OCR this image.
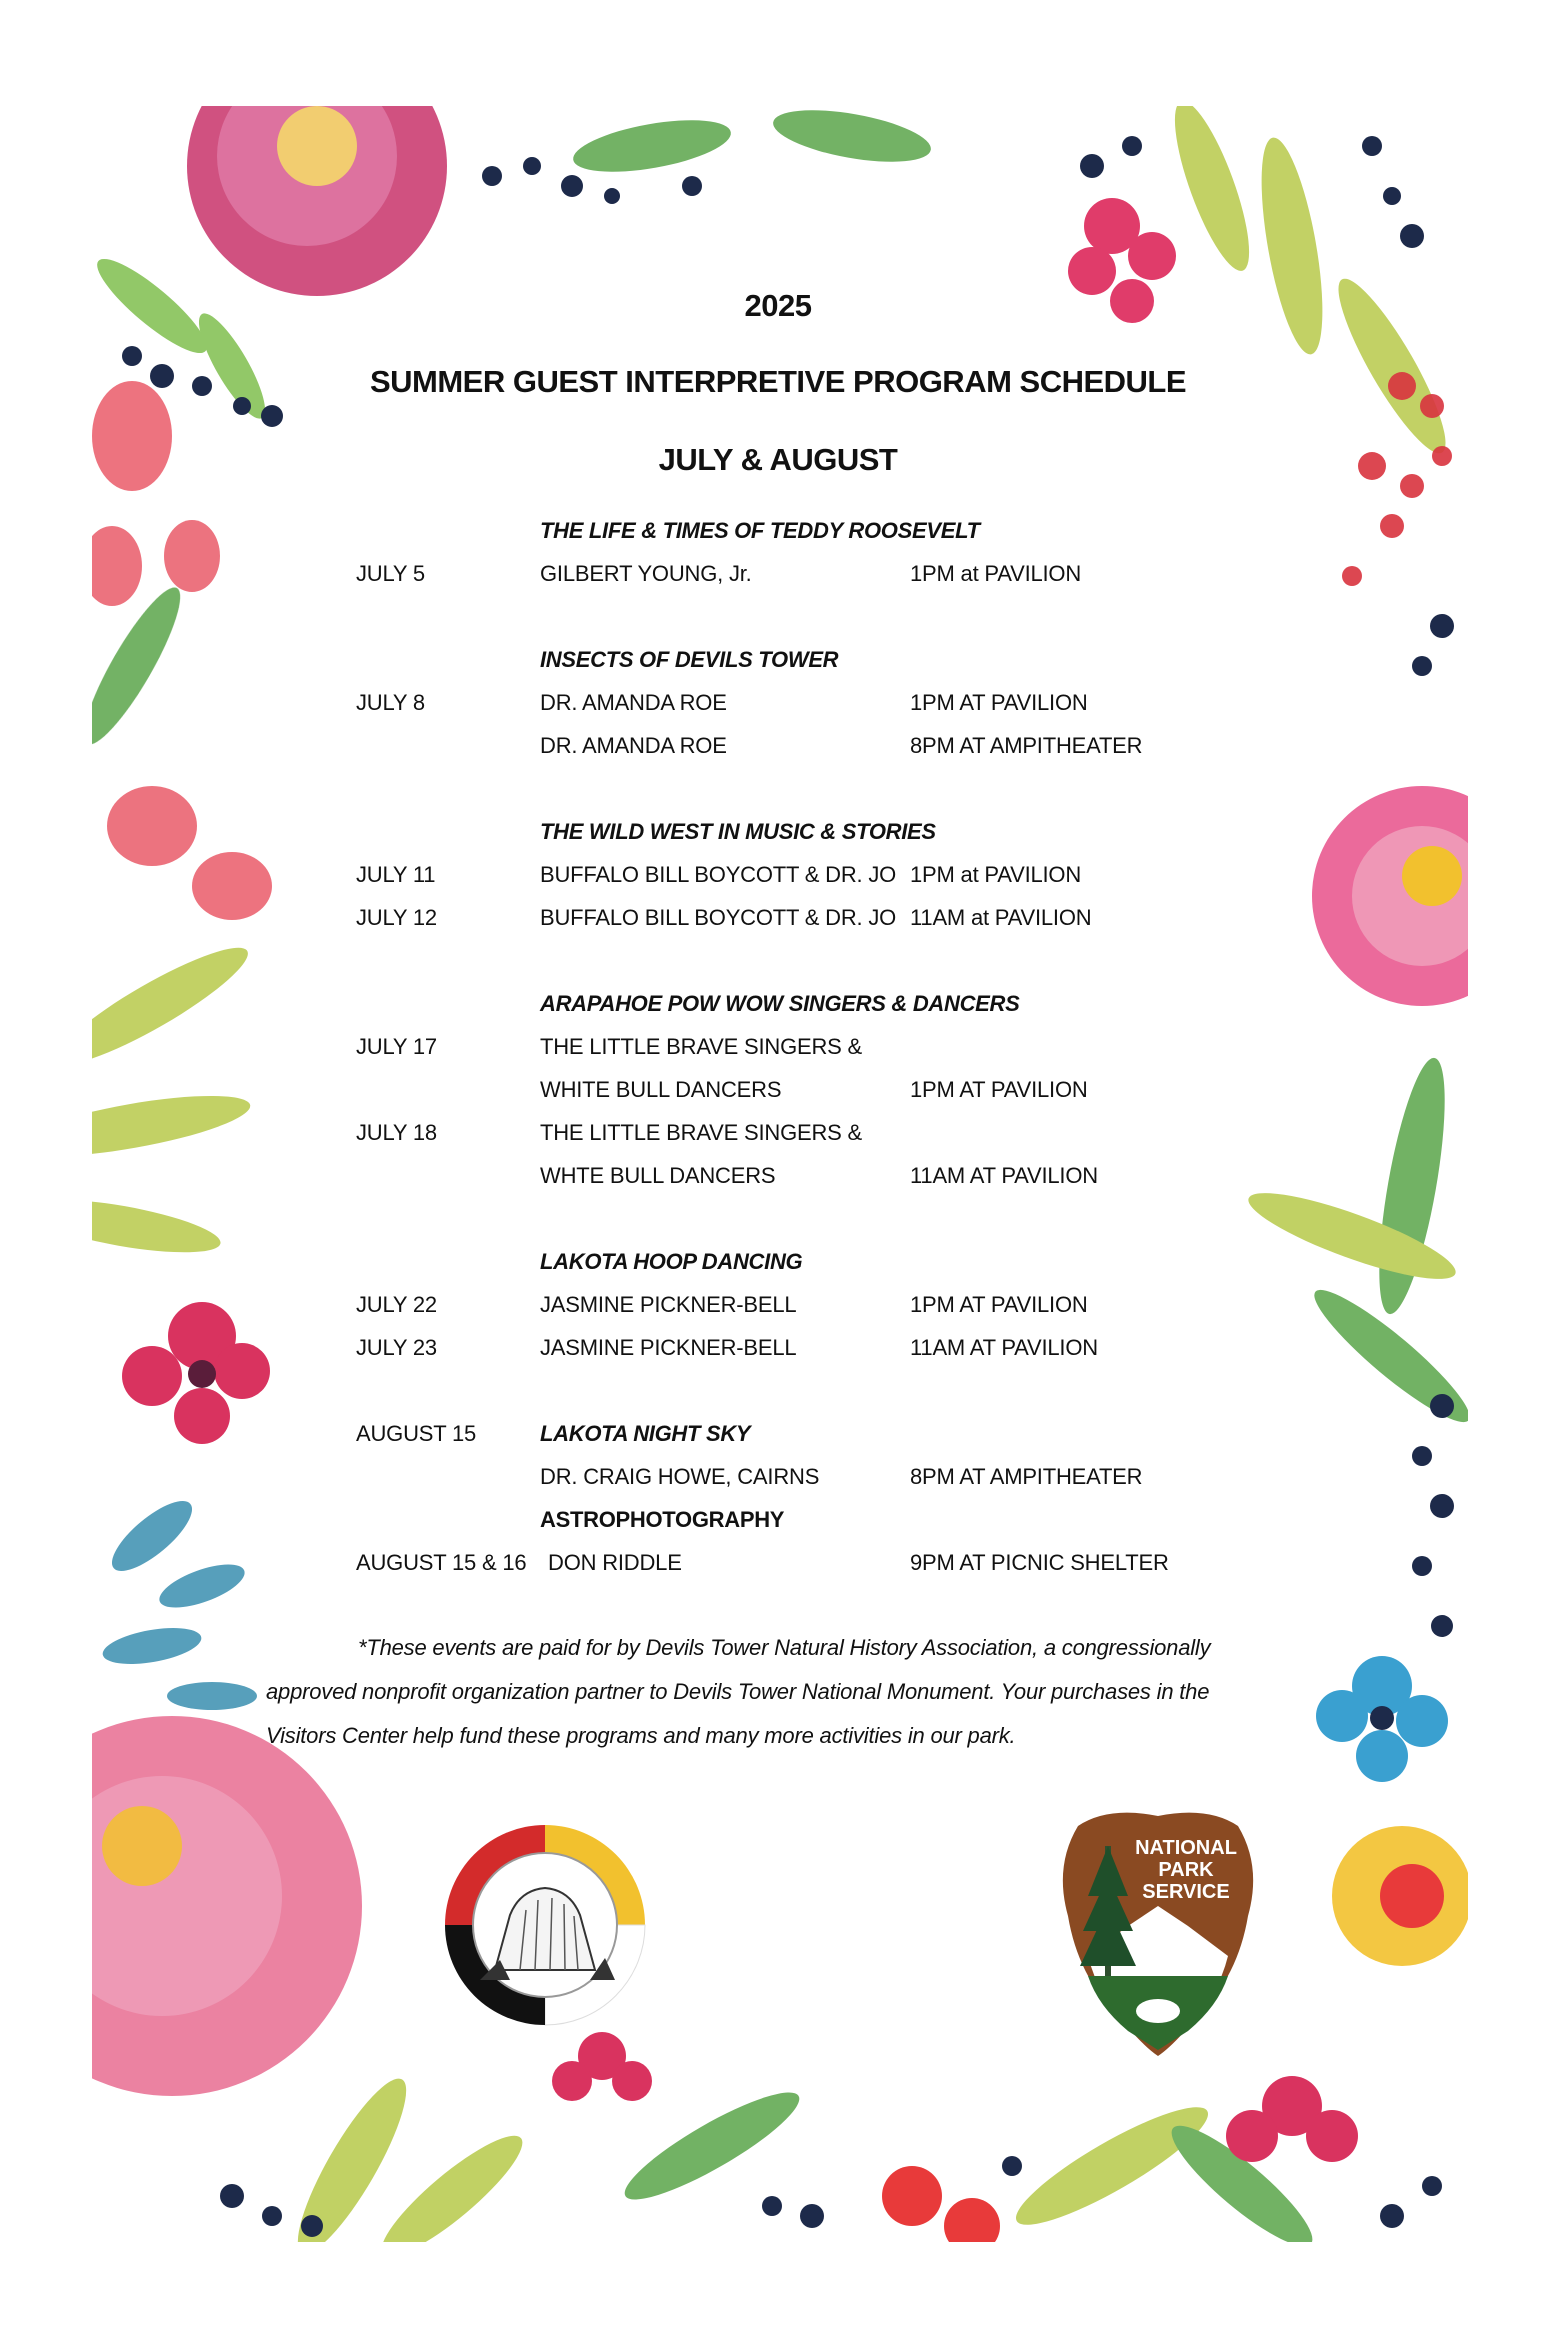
2025
SUMMER GUEST INTERPRETIVE PROGRAM SCHEDULE
JULY & AUGUST
THE LIFE & TIMES OF TEDDY ROOSEVELT
JULY 5	GILBERT YOUNG, Jr.	1PM at PAVILION
INSECTS OF DEVILS TOWER
JULY 8	DR. AMANDA ROE	1PM AT PAVILION
DR. AMANDA ROE	8PM AT AMPITHEATER
THE WILD WEST IN MUSIC & STORIES
JULY 11	BUFFALO BILL BOYCOTT & DR. JO 1PM at PAVILION
JULY 12	BUFFALO BILL BOYCOTT & DR. JO 11AM at PAVILION
ARAPAHOE POW WOW SINGERS & DANCERS
JULY 17	THE LITTLE BRAVE SINGERS &
WHITE BULL DANCERS	1PM AT PAVILION
JULY 18	THE LITTLE BRAVE SINGERS &
WHTE BULL DANCERS	11AM AT PAVILION
LAKOTA HOOP DANCING
JULY 22	JASMINE PICKNER-BELL	1PM AT PAVILION
JULY 23	JASMINE PICKNER-BELL	11AM AT PAVILION
AUGUST 15	LAKOTA NIGHT SKY
DR. CRAIG HOWE, CAIRNS	8PM AT AMPITHEATER
ASTROPHOTOGRAPHY
AUGUST 15 & 16 DON RIDDLE	9PM AT PICNIC SHELTER
*These events are paid for by Devils Tower Natural History Association, a congressionally
approved nonprofit organization partner to Devils Tower National Monument. Your purchases in the
Visitors Center help fund these programs and many more activities in our park.
NATIONAL
PARK
SERVICE
